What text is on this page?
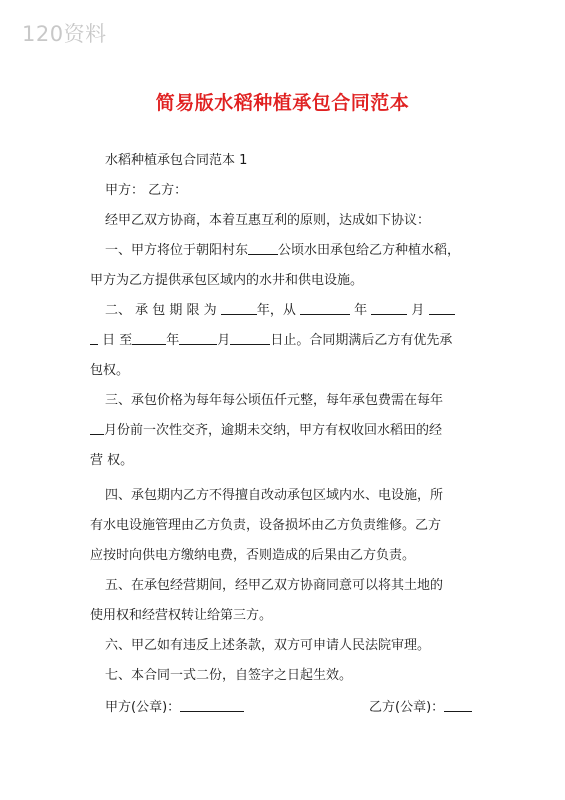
120资料
简易版水稻种植承包合同范本
水稻种植承包合同范本 1
甲方： 乙方：
经甲乙双方协商，本着互惠互利的原则，达成如下协议：
一、甲方将位于朝阳村东 公顷水田承包给乙方种植水稻，
甲方为乙方提供承包区域内的水井和供电设施。
二、 承 包 期 限 为	年，从	年	月
日 至	年	月	日止。合同期满后乙方有优先承
包权。
三、承包价格为每年每公顷伍仟元整，每年承包费需在每年
月份前一次性交齐，逾期未交纳，甲方有权收回水稻田的经
营 权。
四、承包期内乙方不得擅自改动承包区域内水、电设施，所
有水电设施管理由乙方负责，设备损坏由乙方负责维修。乙方
应按时向供电方缴纳电费，否则造成的后果由乙方负责。
五、在承包经营期间，经甲乙双方协商同意可以将其土地的
使用权和经营权转让给第三方。
六、甲乙如有违反上述条款，双方可申请人民法院审理。
七、本合同一式二份，自签字之日起生效。
甲方(公章)：	乙方(公章)：
